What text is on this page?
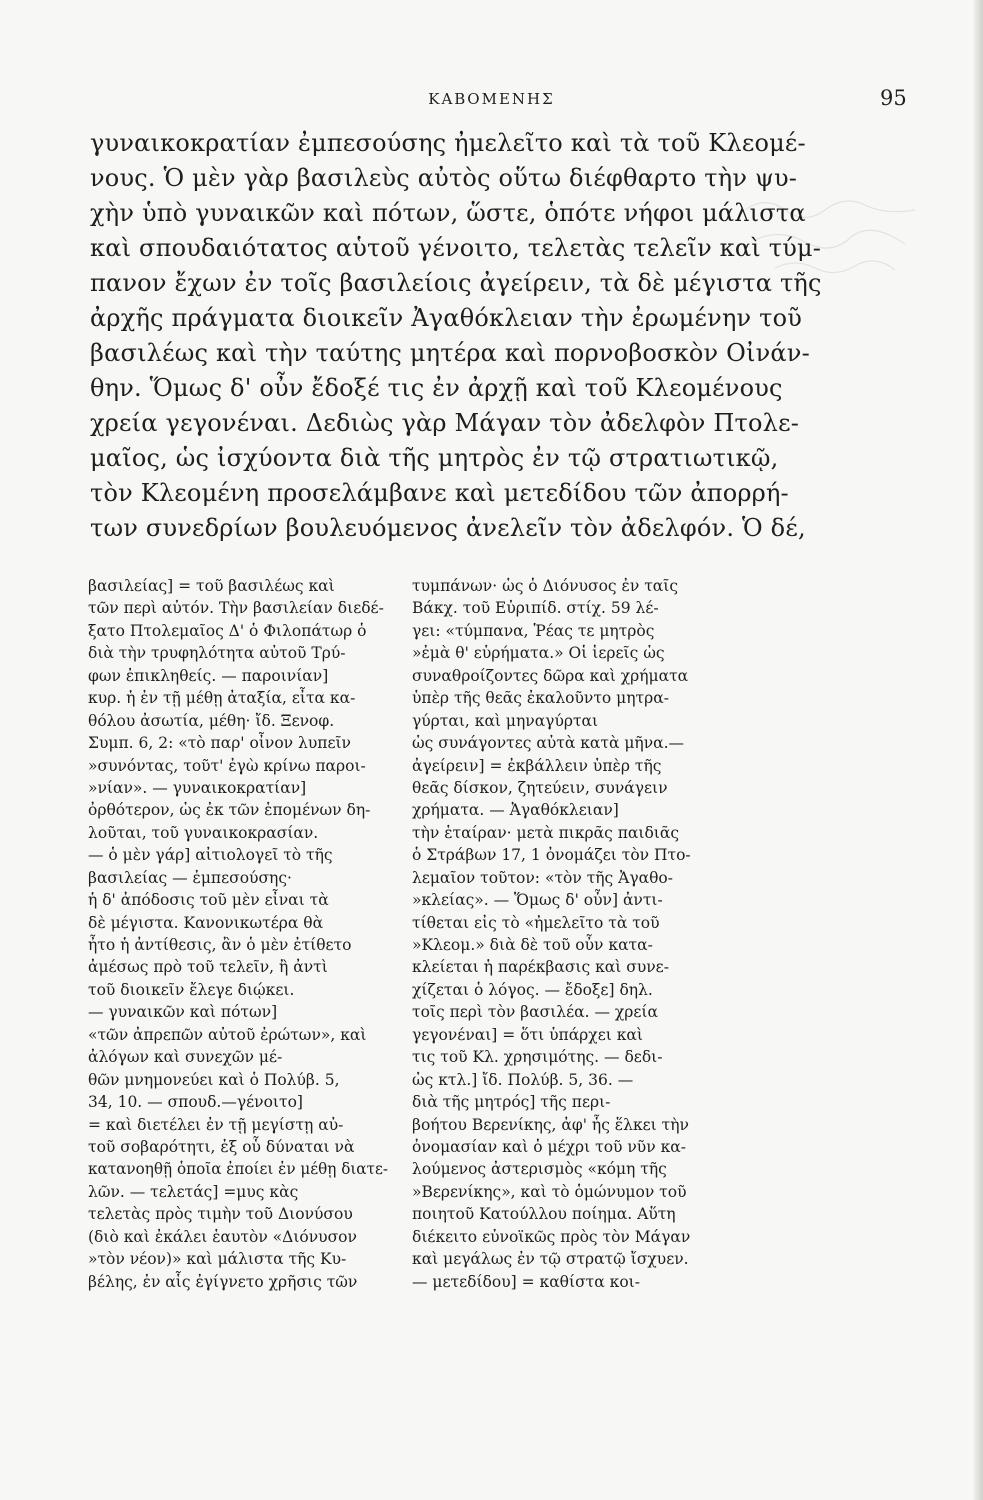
ΚΑΒΟΜΕΝΗΣ	95
γυναικοκρατίαν ἐμπεσούσης ἠμελεῖτο καὶ τὰ τοῦ Κλεομέ-
νους. Ὁ μὲν γὰρ βασιλεὺς αὐτὸς οὕτω διέφθαρτο τὴν ψυ-
χὴν ὑπὸ γυναικῶν καὶ πότων, ὥστε, ὁπότε νήφοι μάλιστα
καὶ σπουδαιότατος αὑτοῦ γένοιτο, τελετὰς τελεῖν καὶ τύμ-
πανον ἔχων ἐν τοῖς βασιλείοις ἀγείρειν, τὰ δὲ μέγιστα τῆς
ἀρχῆς πράγματα διοικεῖν Ἀγαθόκλειαν τὴν ἐρωμένην τοῦ
βασιλέως καὶ τὴν ταύτης μητέρα καὶ πορνοβοσκὸν Οἰνάν-
θην. Ὅμως δ' οὖν ἔδοξέ τις ἐν ἀρχῇ καὶ τοῦ Κλεομένους
χρεία γεγονέναι. Δεδιὼς γὰρ Μάγαν τὸν ἀδελφὸν Πτολε-
μαῖος, ὡς ἰσχύοντα διὰ τῆς μητρὸς ἐν τῷ στρατιωτικῷ,
τὸν Κλεομένη προσελάμβανε καὶ μετεδίδου τῶν ἀπορρή-
των συνεδρίων βουλευόμενος ἀνελεῖν τὸν ἀδελφόν. Ὁ δέ,
βασιλείας] = τοῦ βασιλέως καὶ
τῶν περὶ αὐτόν. Τὴν βασιλείαν διεδέ-
ξατο Πτολεμαῖος Δ' ὁ Φιλοπάτωρ ὁ
διὰ τὴν τρυφηλότητα αὐτοῦ Τρύ-
φων ἐπικληθείς. — παροινίαν]
κυρ. ἡ ἐν τῇ μέθῃ ἀταξία, εἶτα κα-
θόλου ἀσωτία, μέθη· ἴδ. Ξενοφ.
Συμπ. 6, 2: «τὸ παρ' οἶνον λυπεῖν
»συνόντας, τοῦτ' ἐγὼ κρίνω παροι-
»νίαν». — γυναικοκρατίαν]
ὀρθότερον, ὡς ἐκ τῶν ἑπομένων δη-
λοῦται, τοῦ γυναικοκρασίαν.
— ὁ μὲν γάρ] αἰτιολογεῖ τὸ τῆς
βασιλείας — ἐμπεσούσης·
ἡ δ' ἀπόδοσις τοῦ μὲν εἶναι τὰ
δὲ μέγιστα. Κανονικωτέρα θὰ
ἦτο ἡ ἀντίθεσις, ἂν ὁ μὲν ἐτίθετο
ἀμέσως πρὸ τοῦ τελεῖν, ἢ ἀντὶ
τοῦ διοικεῖν ἔλεγε διῴκει.
— γυναικῶν καὶ πότων]
«τῶν ἀπρεπῶν αὐτοῦ ἐρώτων», καὶ
ἀλόγων καὶ συνεχῶν μέ-
θῶν μνημονεύει καὶ ὁ Πολύβ. 5,
34, 10. — σπουδ.—γένοιτο]
= καὶ διετέλει ἐν τῇ μεγίστῃ αὐ-
τοῦ σοβαρότητι, ἐξ οὗ δύναται νὰ
κατανοηθῇ ὁποῖα ἐποίει ἐν μέθῃ διατε-
λῶν. — τελετάς] =μυς κὰς
τελετὰς πρὸς τιμὴν τοῦ Διονύσου
(διὸ καὶ ἐκάλει ἑαυτὸν «Διόνυσον
»τὸν νέον)» καὶ μάλιστα τῆς Κυ-
βέλης, ἐν αἷς ἐγίγνετο χρῆσις τῶν
τυμπάνων· ὡς ὁ Διόνυσος ἐν ταῖς
Βάκχ. τοῦ Εὐριπίδ. στίχ. 59 λέ-
γει: «τύμπανα, Ῥέας τε μητρὸς
»ἐμὰ θ' εὑρήματα.» Οἱ ἱερεῖς ὡς
συναθροίζοντες δῶρα καὶ χρήματα
ὑπὲρ τῆς θεᾶς ἐκαλοῦντο μητρα-
γύρται, καὶ μηναγύρται
ὡς συνάγοντες αὐτὰ κατὰ μῆνα.—
ἀγείρειν] = ἐκβάλλειν ὑπὲρ τῆς
θεᾶς δίσκον, ζητεύειν, συνάγειν
χρήματα. — Ἀγαθόκλειαν]
τὴν ἑταίραν· μετὰ πικρᾶς παιδιᾶς
ὁ Στράβων 17, 1 ὀνομάζει τὸν Πτο-
λεμαῖον τοῦτον: «τὸν τῆς Ἀγαθο-
»κλείας». — Ὅμως δ' οὖν] ἀντι-
τίθεται εἰς τὸ «ἠμελεῖτο τὰ τοῦ
»Κλεομ.» διὰ δὲ τοῦ οὖν κατα-
κλείεται ἡ παρέκβασις καὶ συνε-
χίζεται ὁ λόγος. — ἔδοξε] δηλ.
τοῖς περὶ τὸν βασιλέα. — χρεία
γεγονέναι] = ὅτι ὑπάρχει καὶ
τις τοῦ Κλ. χρησιμότης. — δεδι-
ὡς κτλ.] ἴδ. Πολύβ. 5, 36. —
διὰ τῆς μητρός] τῆς περι-
βοήτου Βερενίκης, ἀφ' ἧς ἕλκει τὴν
ὀνομασίαν καὶ ὁ μέχρι τοῦ νῦν κα-
λούμενος ἀστερισμὸς «κόμη τῆς
»Βερενίκης», καὶ τὸ ὁμώνυμον τοῦ
ποιητοῦ Κατούλλου ποίημα. Αὕτη
διέκειτο εὐνοϊκῶς πρὸς τὸν Μάγαν
καὶ μεγάλως ἐν τῷ στρατῷ ἴσχυεν.
— μετεδίδου] = καθίστα κοι-
